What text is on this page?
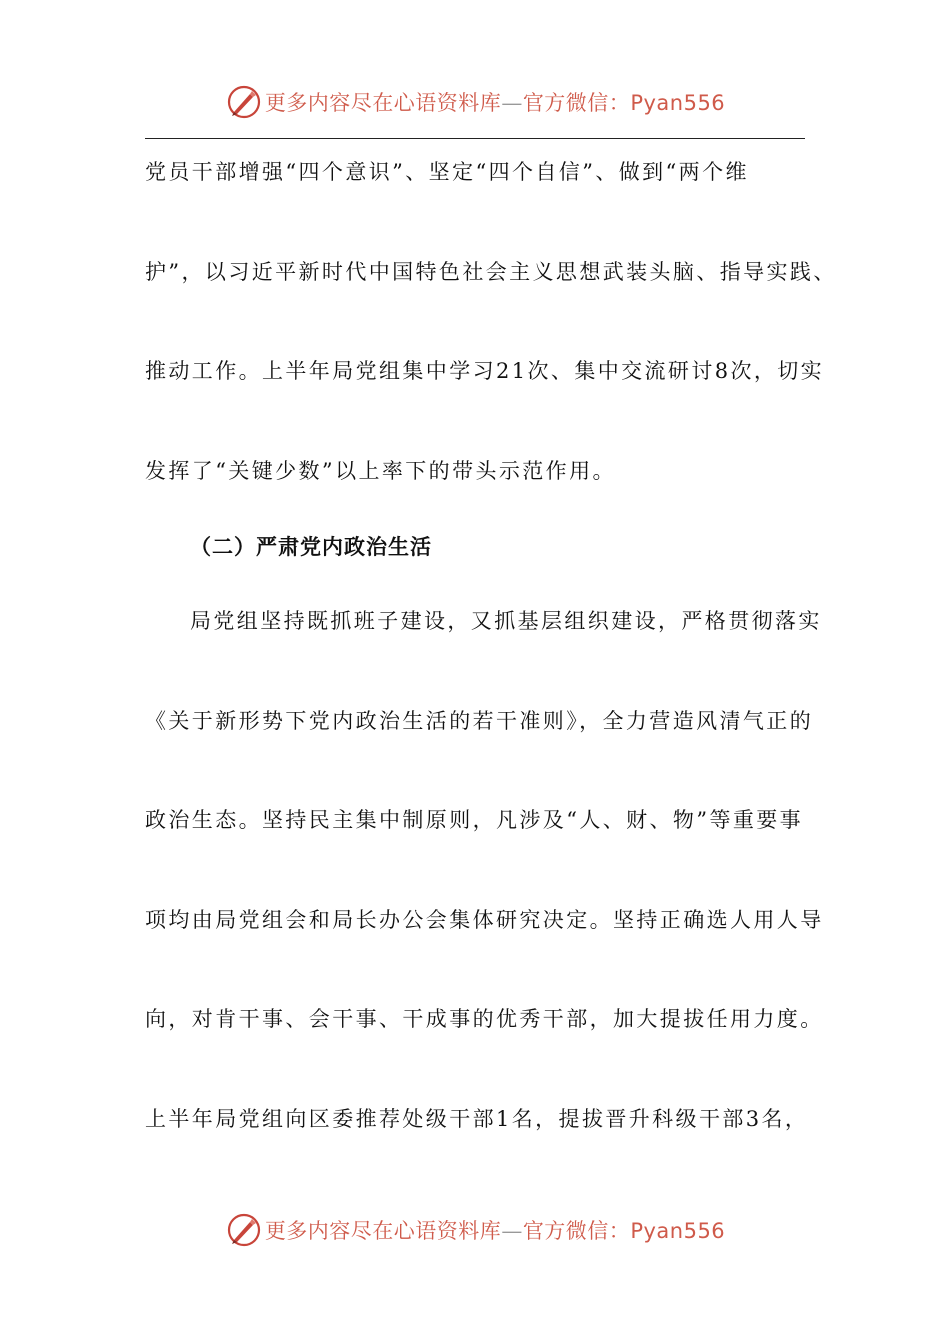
更多内容尽在心语资料库—官方微信：Pyan556
党员干部增强“四个意识”、坚定“四个自信”、做到“两个维
护”，以习近平新时代中国特色社会主义思想武装头脑、指导实践、
推动工作。上半年局党组集中学习21次、集中交流研讨8次，切实
发挥了“关键少数”以上率下的带头示范作用。
（二）严肃党内政治生活
局党组坚持既抓班子建设，又抓基层组织建设，严格贯彻落实
《关于新形势下党内政治生活的若干准则》，全力营造风清气正的
政治生态。坚持民主集中制原则，凡涉及“人、财、物”等重要事
项均由局党组会和局长办公会集体研究决定。坚持正确选人用人导
向，对肯干事、会干事、干成事的优秀干部，加大提拔任用力度。
上半年局党组向区委推荐处级干部1名，提拔晋升科级干部3名，
更多内容尽在心语资料库—官方微信：Pyan556
